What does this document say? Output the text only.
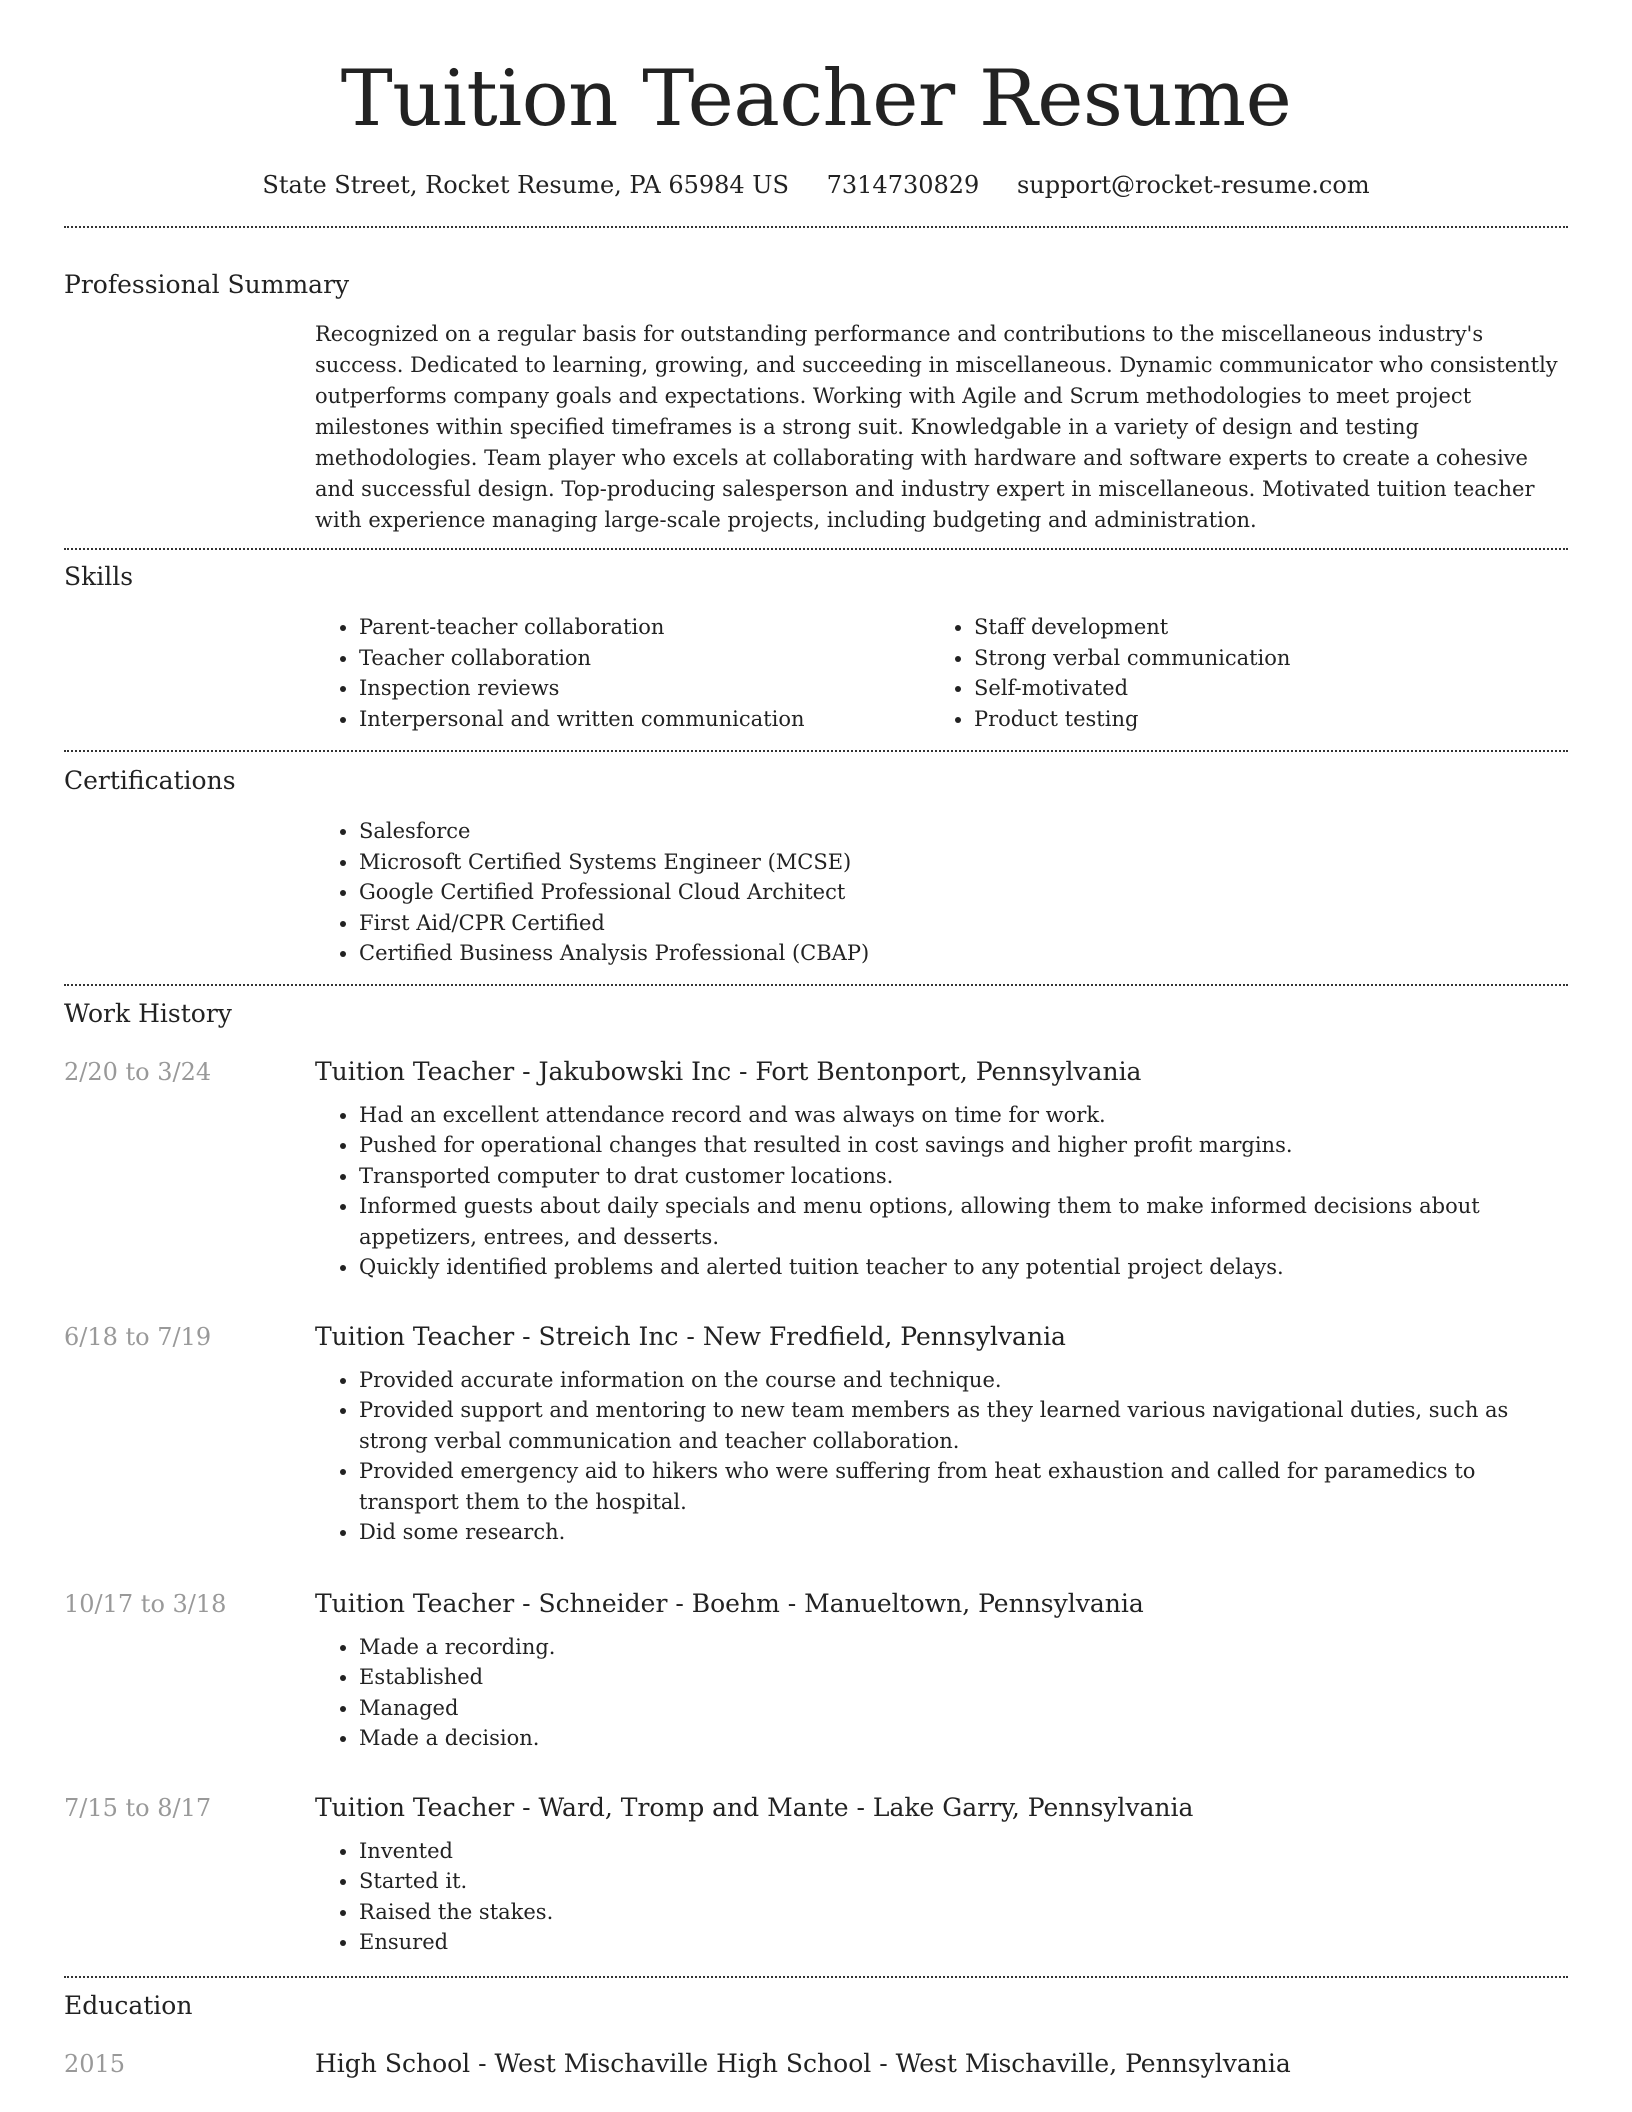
Tuition Teacher Resume
State Street, Rocket Resume, PA 65984 US 7314730829 support@rocket-resume.com
Professional Summary
Recognized on a regular basis for outstanding performance and contributions to the miscellaneous industry's success. Dedicated to learning, growing, and succeeding in miscellaneous. Dynamic communicator who consistently outperforms company goals and expectations. Working with Agile and Scrum methodologies to meet project milestones within specified timeframes is a strong suit. Knowledgable in a variety of design and testing methodologies. Team player who excels at collaborating with hardware and software experts to create a cohesive and successful design. Top-producing salesperson and industry expert in miscellaneous. Motivated tuition teacher with experience managing large-scale projects, including budgeting and administration.
Skills
• Parent-teacher collaboration
• Teacher collaboration
• Inspection reviews
• Interpersonal and written communication
• Staff development
• Strong verbal communication
• Self-motivated
• Product testing
Certifications
• Salesforce
• Microsoft Certified Systems Engineer (MCSE)
• Google Certified Professional Cloud Architect
• First Aid/CPR Certified
• Certified Business Analysis Professional (CBAP)
Work History
2/20 to 3/24	Tuition Teacher - Jakubowski Inc - Fort Bentonport, Pennsylvania
• Had an excellent attendance record and was always on time for work.
• Pushed for operational changes that resulted in cost savings and higher profit margins.
• Transported computer to drat customer locations.
• Informed guests about daily specials and menu options, allowing them to make informed decisions about appetizers, entrees, and desserts.
• Quickly identified problems and alerted tuition teacher to any potential project delays.
6/18 to 7/19	Tuition Teacher - Streich Inc - New Fredfield, Pennsylvania
• Provided accurate information on the course and technique.
• Provided support and mentoring to new team members as they learned various navigational duties, such as strong verbal communication and teacher collaboration.
• Provided emergency aid to hikers who were suffering from heat exhaustion and called for paramedics to transport them to the hospital.
• Did some research.
10/17 to 3/18	Tuition Teacher - Schneider - Boehm - Manueltown, Pennsylvania
• Made a recording.
• Established
• Managed
• Made a decision.
7/15 to 8/17	Tuition Teacher - Ward, Tromp and Mante - Lake Garry, Pennsylvania
• Invented
• Started it.
• Raised the stakes.
• Ensured
Education
2015	High School - West Mischaville High School - West Mischaville, Pennsylvania
